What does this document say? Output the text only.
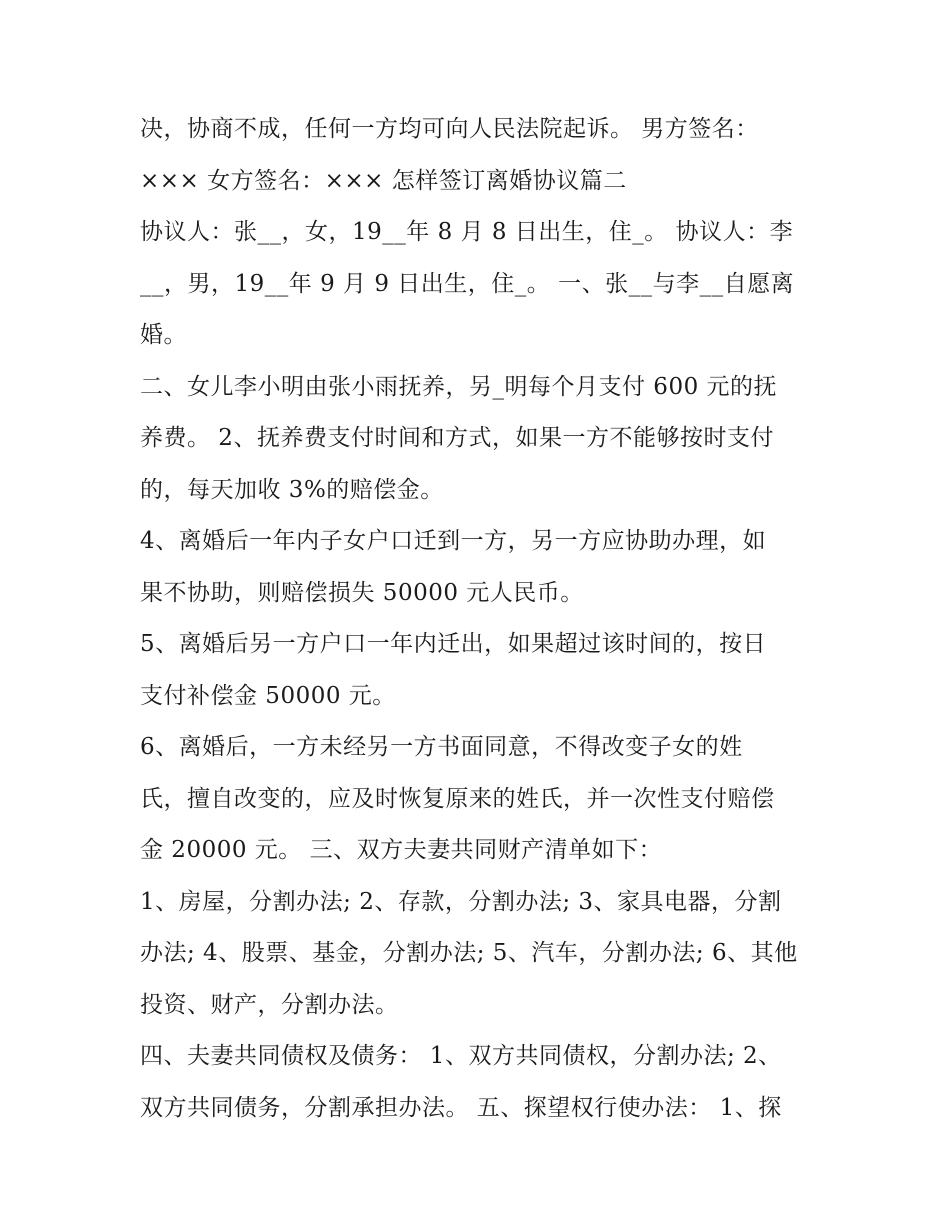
决，协商不成，任何一方均可向人民法院起诉。 男方签名：
××× 女方签名：××× 怎样签订离婚协议篇二
协议人：张__，女，19__年 8 月 8 日出生，住_。 协议人：李
__，男，19__年 9 月 9 日出生，住_。 一、张__与李__自愿离
婚。
二、女儿李小明由张小雨抚养，另_明每个月支付 600 元的抚
养费。 2、抚养费支付时间和方式，如果一方不能够按时支付
的，每天加收 3%的赔偿金。
4、离婚后一年内子女户口迁到一方，另一方应协助办理，如
果不协助，则赔偿损失 50000 元人民币。
5、离婚后另一方户口一年内迁出，如果超过该时间的，按日
支付补偿金 50000 元。
6、离婚后，一方未经另一方书面同意，不得改变子女的姓
氏，擅自改变的，应及时恢复原来的姓氏，并一次性支付赔偿
金 20000 元。 三、双方夫妻共同财产清单如下：
1、房屋，分割办法; 2、存款，分割办法; 3、家具电器，分割
办法; 4、股票、基金，分割办法; 5、汽车，分割办法; 6、其他
投资、财产，分割办法。
四、夫妻共同债权及债务： 1、双方共同债权，分割办法; 2、
双方共同债务，分割承担办法。 五、探望权行使办法： 1、探
